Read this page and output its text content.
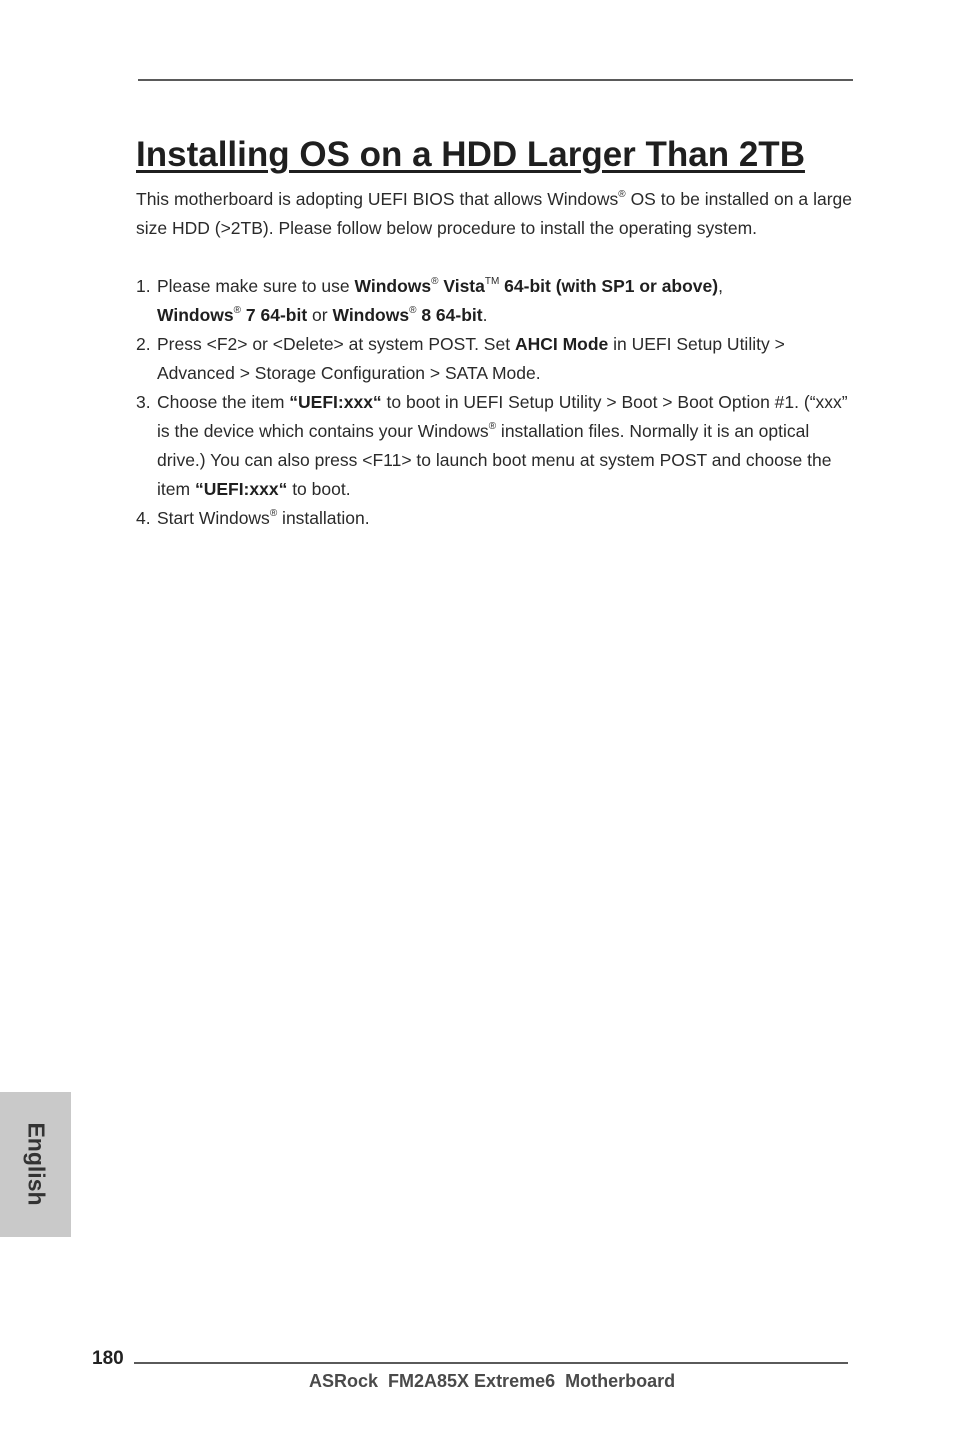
Installing OS on a HDD Larger Than 2TB

This motherboard is adopting UEFI BIOS that allows Windows® OS to be installed on a large size HDD (>2TB). Please follow below procedure to install the operating system.

1. Please make sure to use Windows® Vista™ 64-bit (with SP1 or above),
Windows® 7 64-bit or Windows® 8 64-bit.
2. Press <F2> or <Delete> at system POST. Set AHCI Mode in UEFI Setup Utility > Advanced > Storage Configuration > SATA Mode.
3. Choose the item “UEFI:xxx“ to boot in UEFI Setup Utility > Boot > Boot Option #1. (“xxx” is the device which contains your Windows® installation files. Normally it is an optical drive.) You can also press <F11> to launch boot menu at system POST and choose the item “UEFI:xxx“ to boot.
4. Start Windows® installation.
English
180
ASRock  FM2A85X Extreme6  Motherboard
